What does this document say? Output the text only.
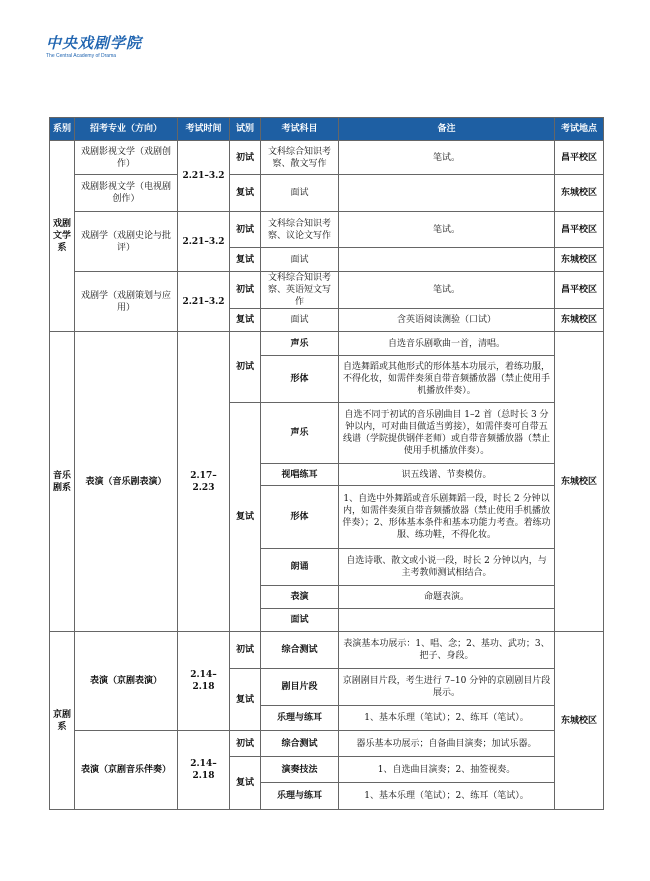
中央戏剧学院
The Central Academy of Drama
系别	招考专业（方向）	考试时间	试别	考试科目	备注	考试地点
戏剧文学系	戏剧影视文学（戏剧创作）	2.21–3.2	初试	文科综合知识考察、散文写作	笔试。	昌平校区
	戏剧影视文学（电视剧创作）		复试	面试		东城校区
	戏剧学（戏剧史论与批评）	2.21–3.2	初试	文科综合知识考察、议论文写作	笔试。	昌平校区
			复试	面试		东城校区
	戏剧学（戏剧策划与应用）	2.21–3.2	初试	文科综合知识考察、英语短文写作	笔试。	昌平校区
			复试	面试	含英语阅读测验（口试）	东城校区
音乐剧系	表演（音乐剧表演）	2.17–2.23	初试	声乐	自选音乐剧歌曲一首，清唱。	东城校区
				形体	自选舞蹈或其他形式的形体基本功展示，着练功服，不得化妆，如需伴奏须自带音频播放器（禁止使用手机播放伴奏）。	
			复试	声乐	自选不同于初试的音乐剧曲目 1–2 首（总时长 3 分钟以内，可对曲目做适当剪接），如需伴奏可自带五线谱（学院提供钢伴老师）或自带音频播放器（禁止使用手机播放伴奏）。	
				视唱练耳	识五线谱、节奏模仿。	
				形体	1、自选中外舞蹈或音乐剧舞蹈一段，时长 2 分钟以内，如需伴奏须自带音频播放器（禁止使用手机播放伴奏）；2、形体基本条件和基本功能力考查。着练功服、练功鞋，不得化妆。	
				朗诵	自选诗歌、散文或小说一段，时长 2 分钟以内，与主考教师测试相结合。	
				表演	命题表演。	
				面试		
京剧系	表演（京剧表演）	2.14–2.18	初试	综合测试	表演基本功展示：1、唱、念；2、基功、武功；3、把子、身段。	东城校区
			复试	剧目片段	京剧剧目片段，考生进行 7–10 分钟的京剧剧目片段展示。	
				乐理与练耳	1、基本乐理（笔试）；2、练耳（笔试）。	
	表演（京剧音乐伴奏）	2.14–2.18	初试	综合测试	器乐基本功展示；自备曲目演奏；加试乐器。	
			复试	演奏技法	1、自选曲目演奏；2、抽签视奏。	
				乐理与练耳	1、基本乐理（笔试）；2、练耳（笔试）。	
